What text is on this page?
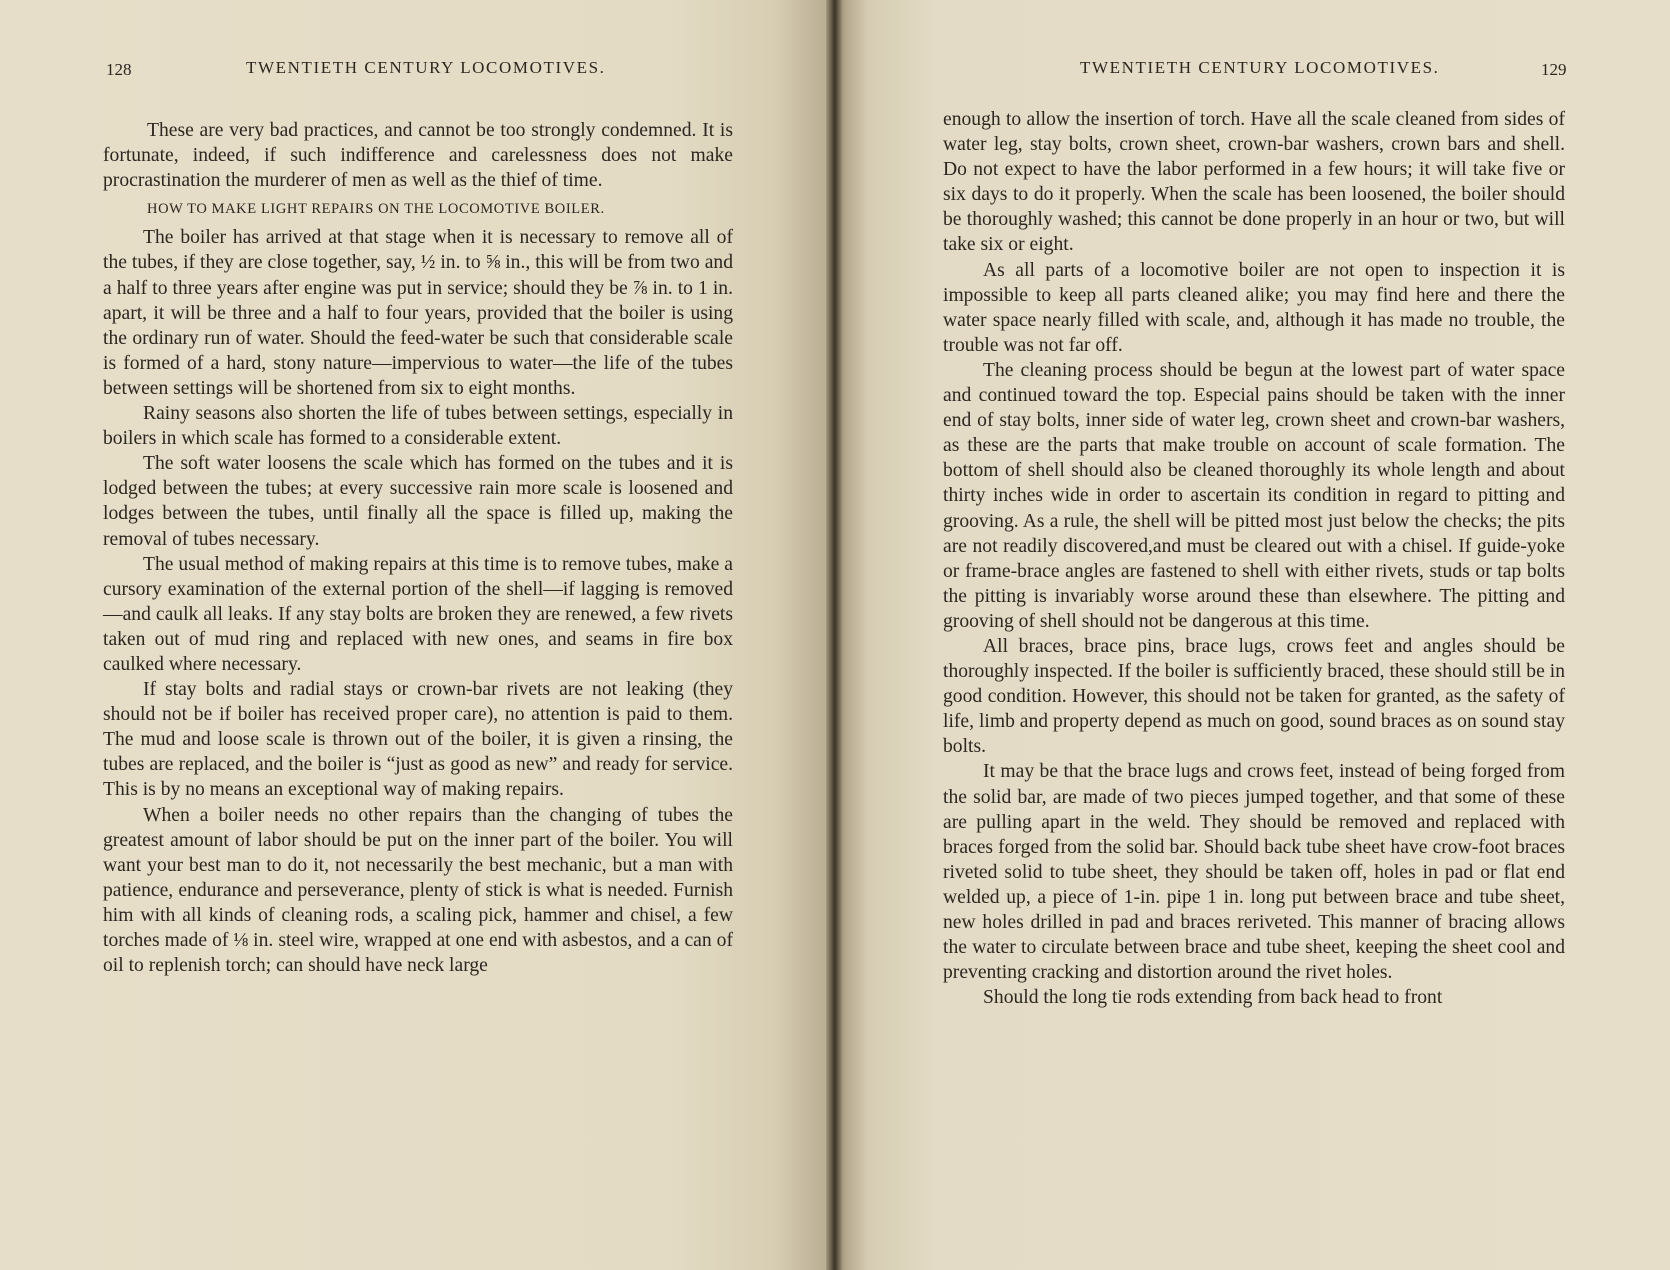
128	TWENTIETH CENTURY LOCOMOTIVES.

These are very bad practices, and cannot be too strongly condemned. It is fortunate, indeed, if such indifference and carelessness does not make procrastination the murderer of men as well as the thief of time.

HOW TO MAKE LIGHT REPAIRS ON THE LOCOMOTIVE BOILER.

The boiler has arrived at that stage when it is necessary to remove all of the tubes, if they are close together, say, ½ in. to ⅝ in., this will be from two and a half to three years after engine was put in service; should they be ⅞ in. to 1 in. apart, it will be three and a half to four years, provided that the boiler is using the ordinary run of water. Should the feed-water be such that considerable scale is formed of a hard, stony nature—impervious to water—the life of the tubes between settings will be shortened from six to eight months.

Rainy seasons also shorten the life of tubes between settings, especially in boilers in which scale has formed to a considerable extent.

The soft water loosens the scale which has formed on the tubes and it is lodged between the tubes; at every successive rain more scale is loosened and lodges between the tubes, until finally all the space is filled up, making the removal of tubes necessary.

The usual method of making repairs at this time is to remove tubes, make a cursory examination of the external portion of the shell—if lagging is removed—and caulk all leaks. If any stay bolts are broken they are renewed, a few rivets taken out of mud ring and replaced with new ones, and seams in fire box caulked where necessary.

If stay bolts and radial stays or crown-bar rivets are not leaking (they should not be if boiler has received proper care), no attention is paid to them. The mud and loose scale is thrown out of the boiler, it is given a rinsing, the tubes are replaced, and the boiler is “just as good as new” and ready for service. This is by no means an exceptional way of making repairs.

When a boiler needs no other repairs than the changing of tubes the greatest amount of labor should be put on the inner part of the boiler. You will want your best man to do it, not necessarily the best mechanic, but a man with patience, endurance and perseverance, plenty of stick is what is needed. Furnish him with all kinds of cleaning rods, a scaling pick, hammer and chisel, a few torches made of ⅛ in. steel wire, wrapped at one end with asbestos, and a can of oil to replenish torch; can should have neck large

TWENTIETH CENTURY LOCOMOTIVES.	129

enough to allow the insertion of torch. Have all the scale cleaned from sides of water leg, stay bolts, crown sheet, crown-bar washers, crown bars and shell. Do not expect to have the labor performed in a few hours; it will take five or six days to do it properly. When the scale has been loosened, the boiler should be thoroughly washed; this cannot be done properly in an hour or two, but will take six or eight.

As all parts of a locomotive boiler are not open to inspection it is impossible to keep all parts cleaned alike; you may find here and there the water space nearly filled with scale, and, although it has made no trouble, the trouble was not far off.

The cleaning process should be begun at the lowest part of water space and continued toward the top. Especial pains should be taken with the inner end of stay bolts, inner side of water leg, crown sheet and crown-bar washers, as these are the parts that make trouble on account of scale formation. The bottom of shell should also be cleaned thoroughly its whole length and about thirty inches wide in order to ascertain its condition in regard to pitting and grooving. As a rule, the shell will be pitted most just below the checks; the pits are not readily discovered,and must be cleared out with a chisel. If guide-yoke or frame-brace angles are fastened to shell with either rivets, studs or tap bolts the pitting is invariably worse around these than elsewhere. The pitting and grooving of shell should not be dangerous at this time.

All braces, brace pins, brace lugs, crows feet and angles should be thoroughly inspected. If the boiler is sufficiently braced, these should still be in good condition. However, this should not be taken for granted, as the safety of life, limb and property depend as much on good, sound braces as on sound stay bolts.

It may be that the brace lugs and crows feet, instead of being forged from the solid bar, are made of two pieces jumped together, and that some of these are pulling apart in the weld. They should be removed and replaced with braces forged from the solid bar. Should back tube sheet have crow-foot braces riveted solid to tube sheet, they should be taken off, holes in pad or flat end welded up, a piece of 1-in. pipe 1 in. long put between brace and tube sheet, new holes drilled in pad and braces reriveted. This manner of bracing allows the water to circulate between brace and tube sheet, keeping the sheet cool and preventing cracking and distortion around the rivet holes.

Should the long tie rods extending from back head to front
